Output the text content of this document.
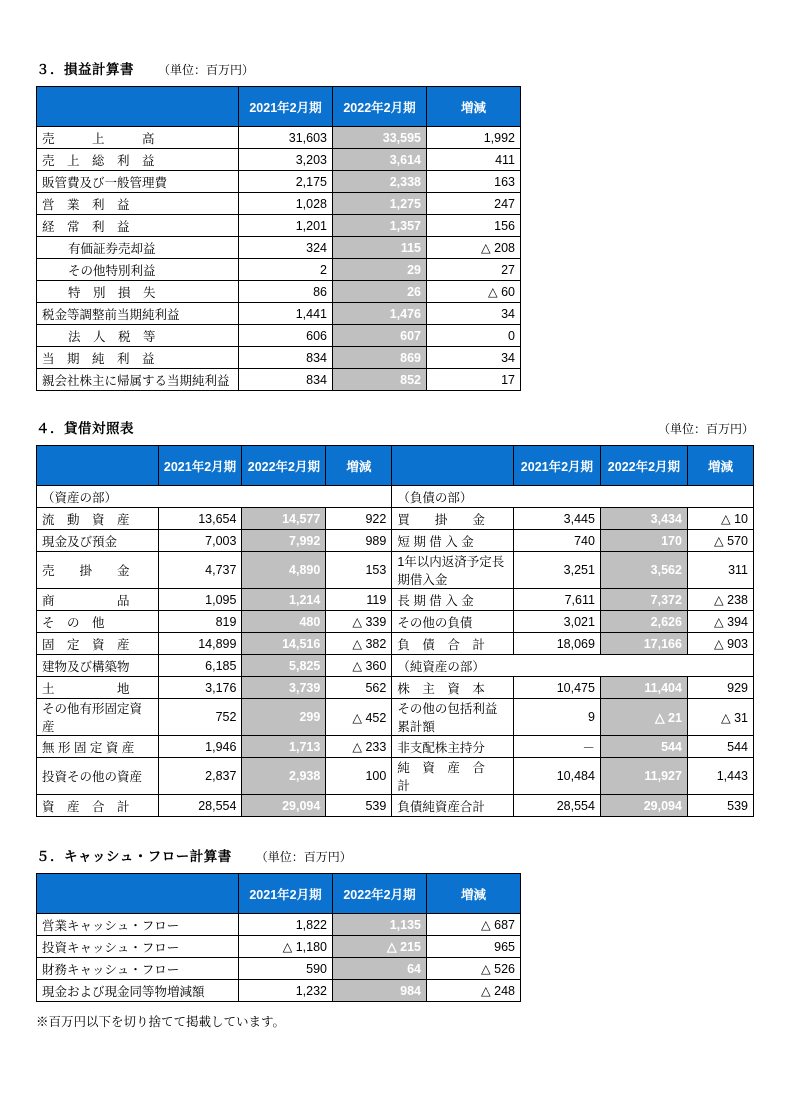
３． 損益計算書 （単位：百万円）
	2021年2月期	2022年2月期	増減

売　　　上　　　高	31,603	33,595	1,992

売　上　総　利　益	3,203	3,614	411

販管費及び一般管理費	2,175	2,338	163

営　業　利　益	1,028	1,275	247

経　常　利　益	1,201	1,357	156

有価証券売却益	324	115	△ 208

その他特別利益	2	29	27

特　別　損　失	86	26	△ 60

税金等調整前当期純利益	1,441	1,476	34

法　人　税　等	606	607	0

当　期　純　利　益	834	869	34
親会社株主に帰属する当期純利益	834	852	17
４． 貸借対照表	（単位：百万円）
	2021年2月期	2022年2月期	増減		2021年2月期	2022年2月期	増減
（資産の部）				（負債の部）			

流　動　資　産	13,654	14,577	922	買　　掛　　金	3,445	3,434	△ 10

現金及び預金	7,003	7,992	989	短 期 借 入 金	740	170	△ 570

売　　掛　　金	4,737	4,890	153	1年以内返済予定長期借入金	3,251	3,562	311

商　　　　　品	1,095	1,214	119	長 期 借 入 金	7,611	7,372	△ 238

そ　の　他	819	480	△ 339	その他の負債	3,021	2,626	△ 394

固　定　資　産	14,899	14,516	△ 382	負　債　合　計	18,069	17,166	△ 903

建物及び構築物	6,185	5,825	△ 360	（純資産の部）			

土　　　　　地	3,176	3,739	562	株　主　資　本	10,475	11,404	929
その他有形固定資産	752	299	△ 452	その他の包括利益累計額	9	△ 21	△ 31

無 形 固 定 資 産	1,946	1,713	△ 233	非支配株主持分	－	544	544
投資その他の資産	2,837	2,938	100	純　資　産　合　計	10,484	11,927	1,443

資　産　合　計	28,554	29,094	539	負債純資産合計	28,554	29,094	539
５． キャッシュ・フロー計算書 （単位：百万円）
	2021年2月期	2022年2月期	増減
営業キャッシュ・フロー	1,822	1,135	△ 687
投資キャッシュ・フロー	△ 1,180	△ 215	965
財務キャッシュ・フロー	590	64	△ 526
現金および現金同等物増減額	1,232	984	△ 248
※百万円以下を切り捨てて掲載しています。
